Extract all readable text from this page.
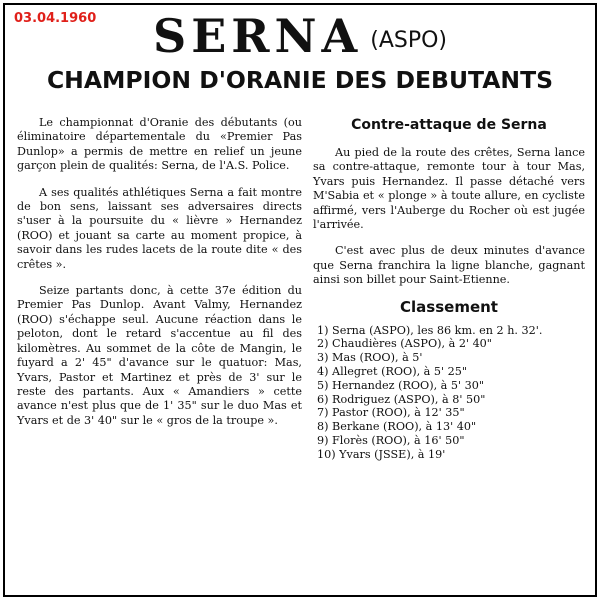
03.04.1960	SERNA (ASPO)
CHAMPION D'ORANIE DES DEBUTANTS

Le championnat d'Oranie des débutants (ou éliminatoire départementale du «Premier Pas Dunlop» a permis de mettre en relief un jeune garçon plein de qualités: Serna, de l'A.S. Police.

A ses qualités athlétiques Serna a fait montre de bon sens, laissant ses adversaires directs s'user à la poursuite du « lièvre » Hernandez (ROO) et jouant sa carte au moment propice, à savoir dans les rudes lacets de la route dite « des crêtes ».

Seize partants donc, à cette 37e édition du Premier Pas Dunlop. Avant Valmy, Hernandez (ROO) s'échappe seul. Aucune réaction dans le peloton, dont le retard s'accentue au fil des kilomètres. Au sommet de la côte de Mangin, le fuyard a 2' 45" d'avance sur le quatuor: Mas, Yvars, Pastor et Martinez et près de 3' sur le reste des partants. Aux « Amandiers » cette avance n'est plus que de 1' 35" sur le duo Mas et Yvars et de 3' 40" sur le « gros de la troupe ».

Contre-attaque de Serna

Au pied de la route des crêtes, Serna lance sa contre-attaque, remonte tour à tour Mas, Yvars puis Hernandez. Il passe détaché vers M'Sabia et « plonge » à toute allure, en cycliste affirmé, vers l'Auberge du Rocher où est jugée l'arrivée.

C'est avec plus de deux minutes d'avance que Serna franchira la ligne blanche, gagnant ainsi son billet pour Saint-Etienne.

Classement
1) Serna (ASPO), les 86 km. en 2 h. 32'.
2) Chaudières (ASPO), à 2' 40"
3) Mas (ROO), à 5'
4) Allegret (ROO), à 5' 25"
5) Hernandez (ROO), à 5' 30"
6) Rodriguez (ASPO), à 8' 50"
7) Pastor (ROO), à 12' 35"
8) Berkane (ROO), à 13' 40"
9) Florès (ROO), à 16' 50"
10) Yvars (JSSE), à 19'
